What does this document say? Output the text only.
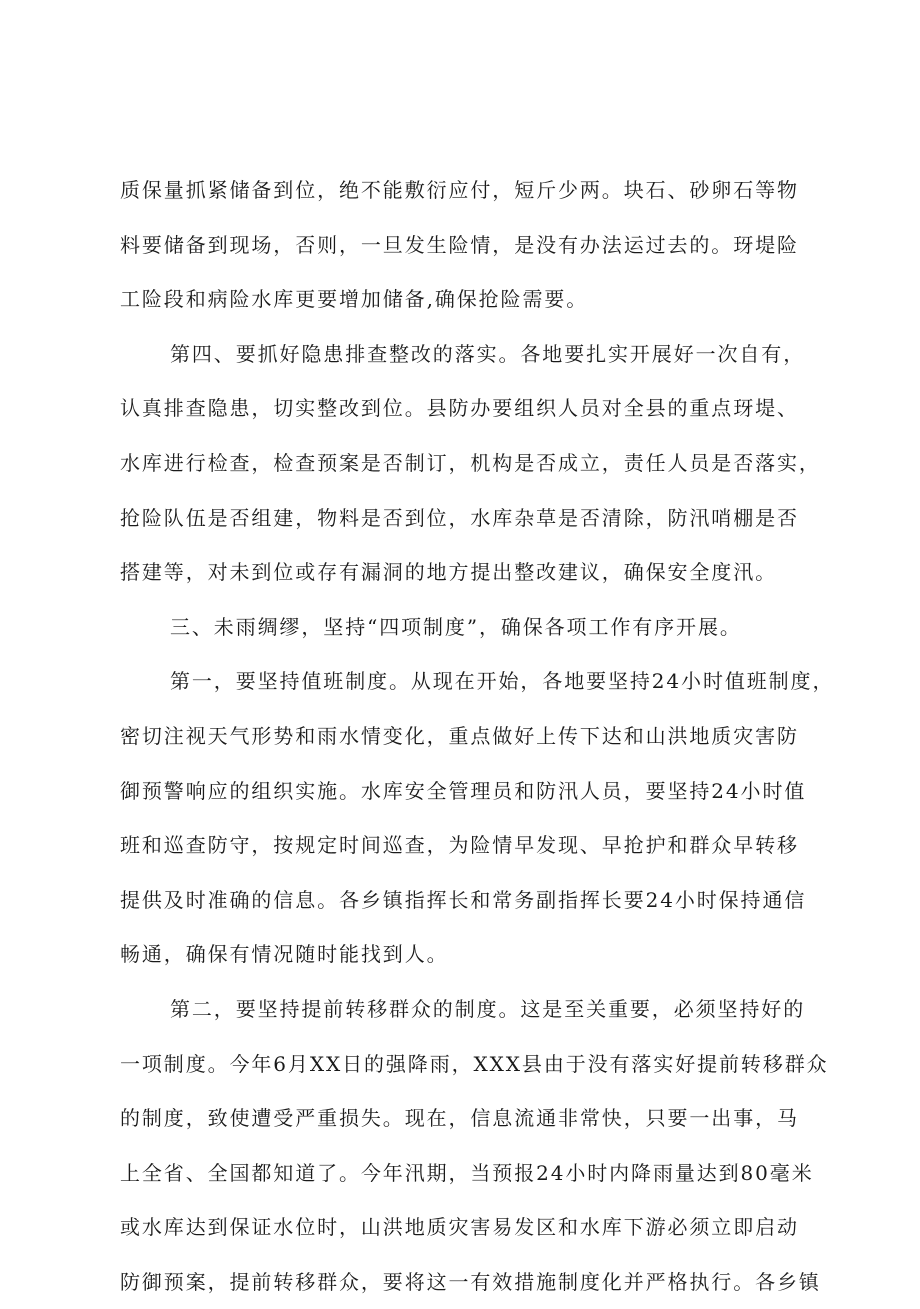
质保量抓紧储备到位，绝不能敷衍应付，短斤少两。块石、砂卵石等物
料要储备到现场，否则，一旦发生险情，是没有办法运过去的。玡堤险
工险段和病险水库更要增加储备,确保抢险需要。
第四、要抓好隐患排查整改的落实。各地要扎实开展好一次自有，
认真排查隐患，切实整改到位。县防办要组织人员对全县的重点玡堤、
水库进行检查，检查预案是否制订，机构是否成立，责任人员是否落实，
抢险队伍是否组建，物料是否到位，水库杂草是否清除，防汛哨棚是否
搭建等，对未到位或存有漏洞的地方提出整改建议，确保安全度汛。
三、未雨绸缪，坚持“四项制度”，确保各项工作有序开展。
第一，要坚持值班制度。从现在开始，各地要坚持24小时值班制度，
密切注视天气形势和雨水情变化，重点做好上传下达和山洪地质灾害防
御预警响应的组织实施。水库安全管理员和防汛人员，要坚持24小时值
班和巡查防守，按规定时间巡查，为险情早发现、早抢护和群众早转移
提供及时准确的信息。各乡镇指挥长和常务副指挥长要24小时保持通信
畅通，确保有情况随时能找到人。
第二，要坚持提前转移群众的制度。这是至关重要，必须坚持好的
一项制度。今年6月XX日的强降雨，XXX县由于没有落实好提前转移群众
的制度，致使遭受严重损失。现在，信息流通非常快，只要一出事，马
上全省、全国都知道了。今年汛期，当预报24小时内降雨量达到80毫米
或水库达到保证水位时，山洪地质灾害易发区和水库下游必须立即启动
防御预案，提前转移群众，要将这一有效措施制度化并严格执行。各乡镇
